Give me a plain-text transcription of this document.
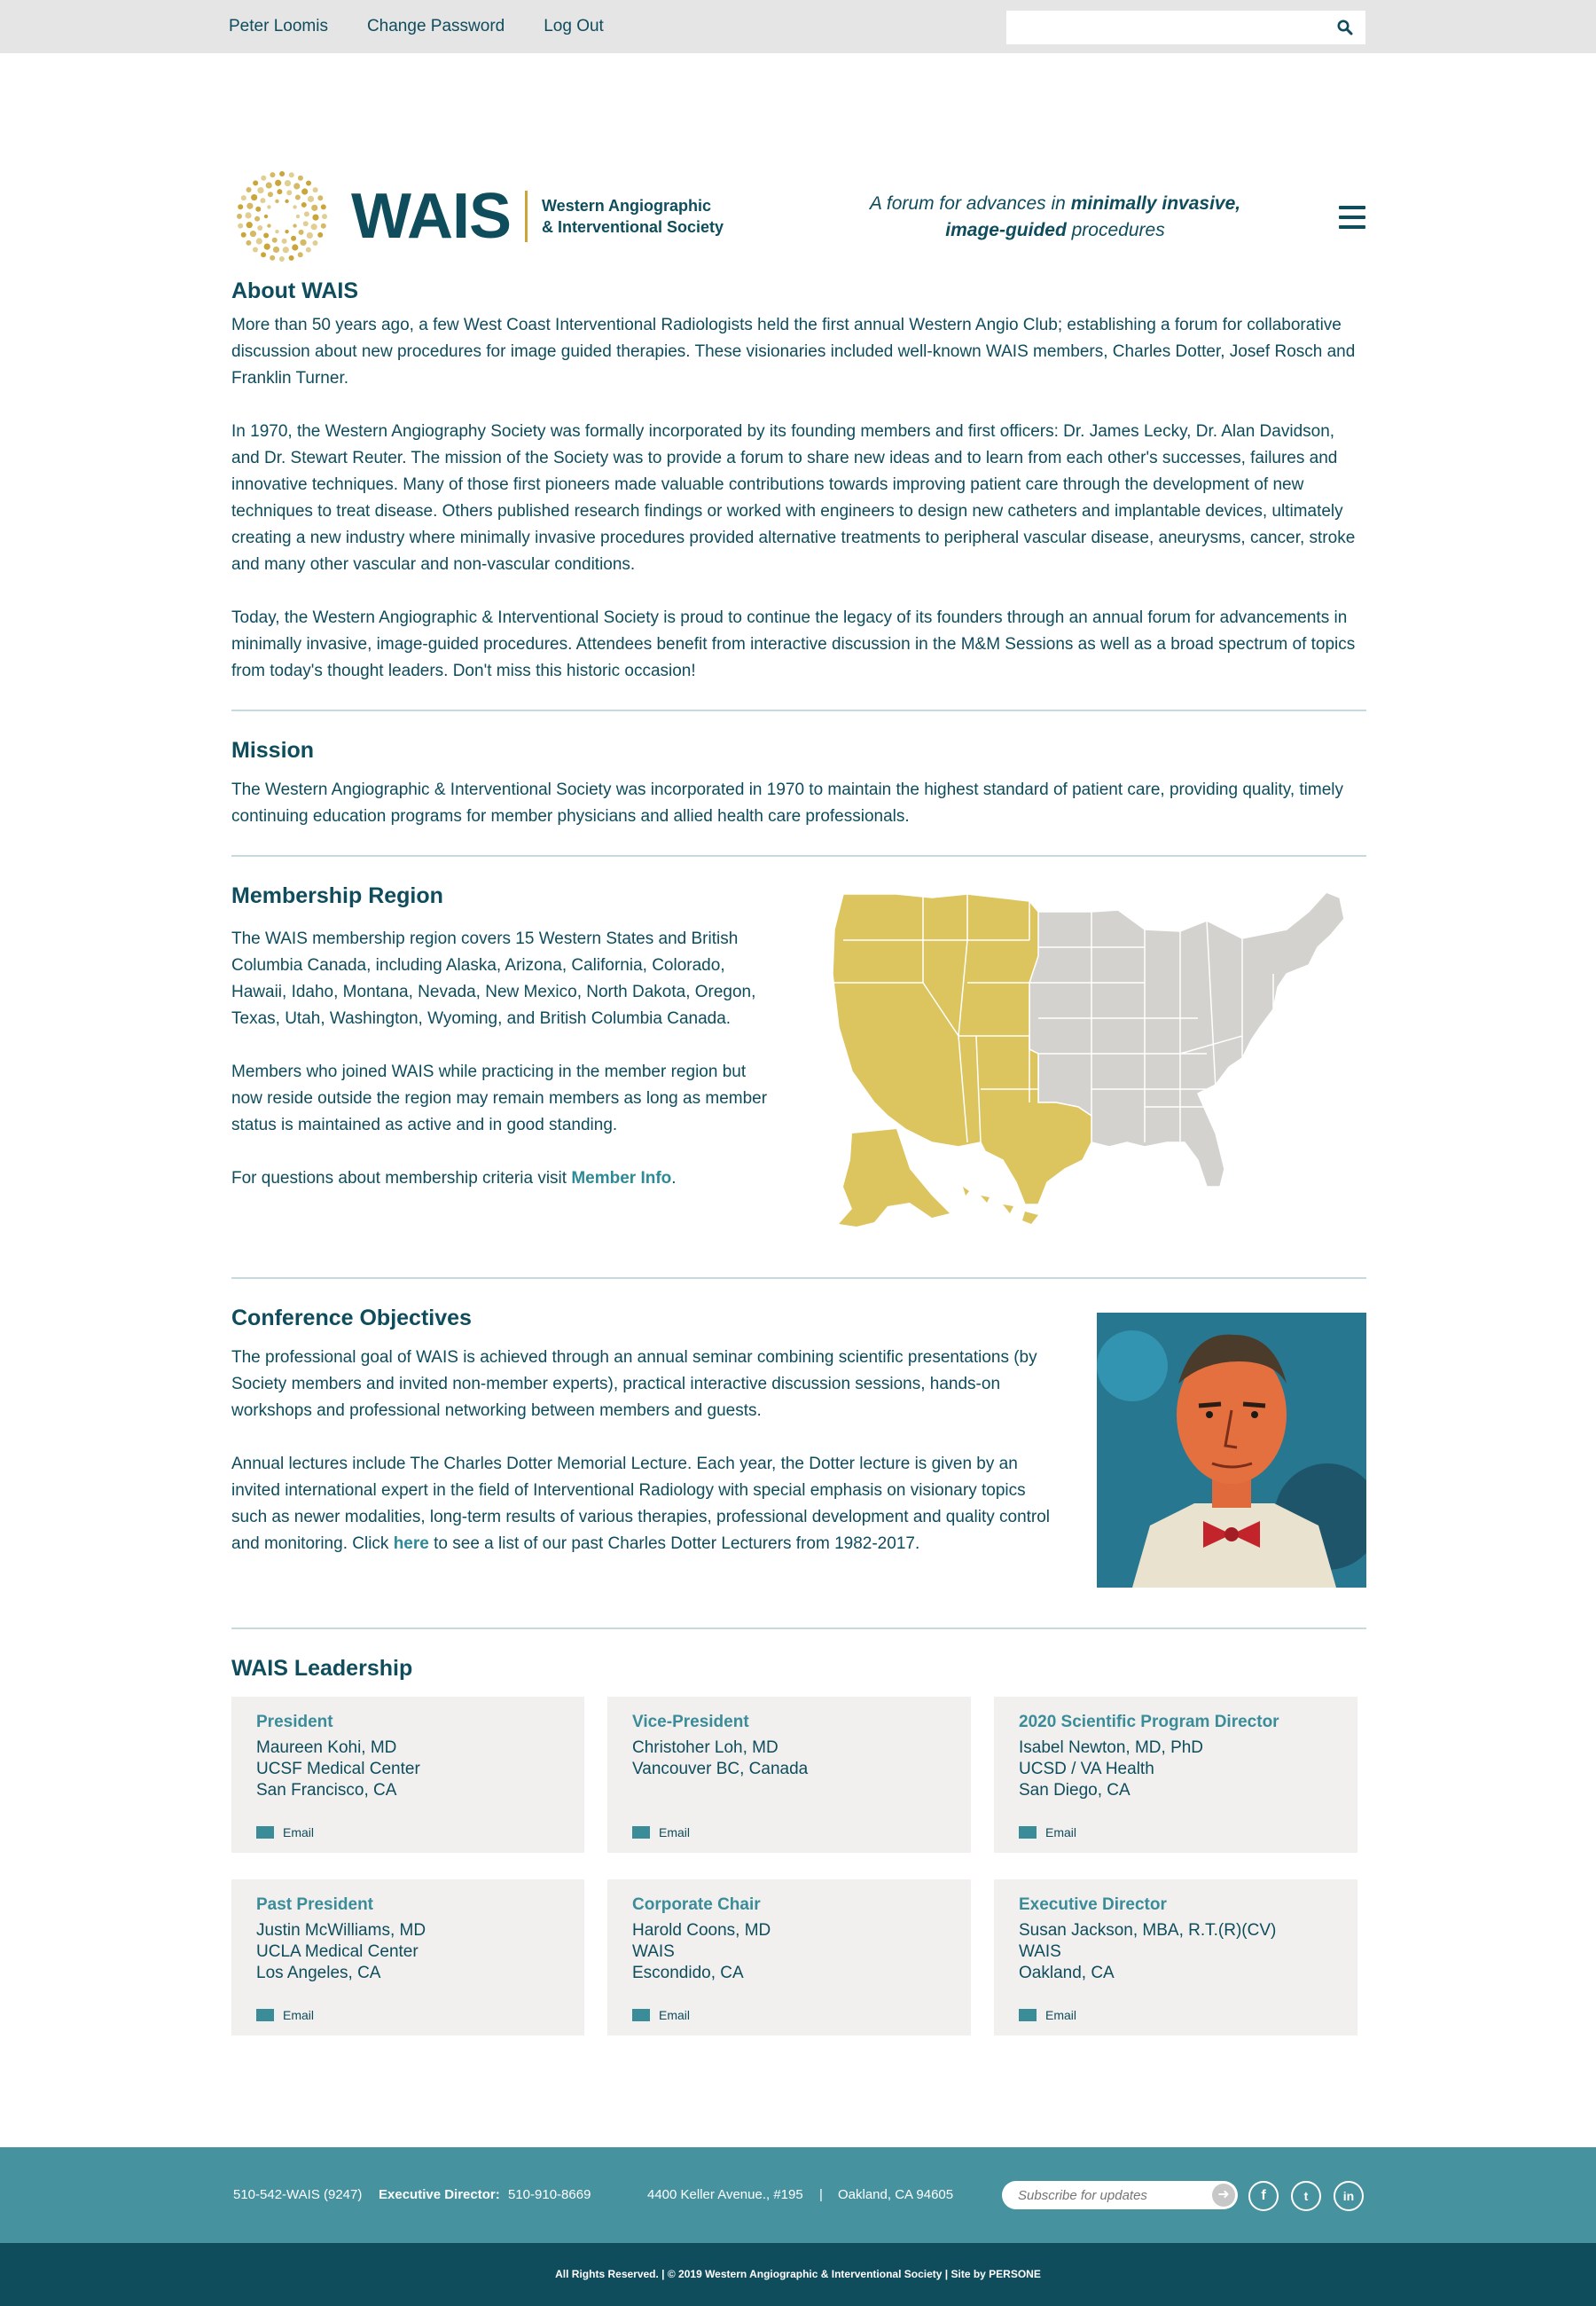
Peter Loomis Change Password Log Out
WAIS Western Angiographic
& Interventional Society
A forum for advances in minimally invasive,
image-guided procedures
About WAIS

More than 50 years ago, a few West Coast Interventional Radiologists held the first annual Western Angio Club; establishing a forum for collaborative discussion about new procedures for image guided therapies. These visionaries included well-known WAIS members, Charles Dotter, Josef Rosch and Franklin Turner.

In 1970, the Western Angiography Society was formally incorporated by its founding members and first officers: Dr. James Lecky, Dr. Alan Davidson, and Dr. Stewart Reuter. The mission of the Society was to provide a forum to share new ideas and to learn from each other's successes, failures and innovative techniques. Many of those first pioneers made valuable contributions towards improving patient care through the development of new techniques to treat disease. Others published research findings or worked with engineers to design new catheters and implantable devices, ultimately creating a new industry where minimally invasive procedures provided alternative treatments to peripheral vascular disease, aneurysms, cancer, stroke and many other vascular and non-vascular conditions.

Today, the Western Angiographic & Interventional Society is proud to continue the legacy of its founders through an annual forum for advancements in minimally invasive, image-guided procedures. Attendees benefit from interactive discussion in the M&M Sessions as well as a broad spectrum of topics from today's thought leaders. Don't miss this historic occasion!

Mission

The Western Angiographic & Interventional Society was incorporated in 1970 to maintain the highest standard of patient care, providing quality, timely continuing education programs for member physicians and allied health care professionals.

Membership Region

The WAIS membership region covers 15 Western States and British Columbia Canada, including Alaska, Arizona, California, Colorado, Hawaii, Idaho, Montana, Nevada, New Mexico, North Dakota, Oregon, Texas, Utah, Washington, Wyoming, and British Columbia Canada.

Members who joined WAIS while practicing in the member region but now reside outside the region may remain members as long as member status is maintained as active and in good standing.

For questions about membership criteria visit Member Info.

Conference Objectives

The professional goal of WAIS is achieved through an annual seminar combining scientific presentations (by Society members and invited non-member experts), practical interactive discussion sessions, hands-on workshops and professional networking between members and guests.

Annual lectures include The Charles Dotter Memorial Lecture. Each year, the Dotter lecture is given by an invited international expert in the field of Interventional Radiology with special emphasis on visionary topics such as newer modalities, long-term results of various therapies, professional development and quality control and monitoring. Click here to see a list of our past Charles Dotter Lecturers from 1982-2017.

WAIS Leadership
President
Maureen Kohi, MD
UCSF Medical Center
San Francisco, CA
Email
Vice-President
Christoher Loh, MD
Vancouver BC, Canada
Email
2020 Scientific Program Director
Isabel Newton, MD, PhD
UCSD / VA Health
San Diego, CA
Email
Past President
Justin McWilliams, MD
UCLA Medical Center
Los Angeles, CA
Email
Corporate Chair
Harold Coons, MD
WAIS
Escondido, CA
Email
Executive Director
Susan Jackson, MBA, R.T.(R)(CV)
WAIS
Oakland, CA
Email
510-542-WAIS (9247) Executive Director: 510-910-8669	4400 Keller Avenue., #195 | Oakland, CA 94605
Subscribe for updates	➜	f	t	in
All Rights Reserved. | © 2019 Western Angiographic & Interventional Society | Site by PERSONE
